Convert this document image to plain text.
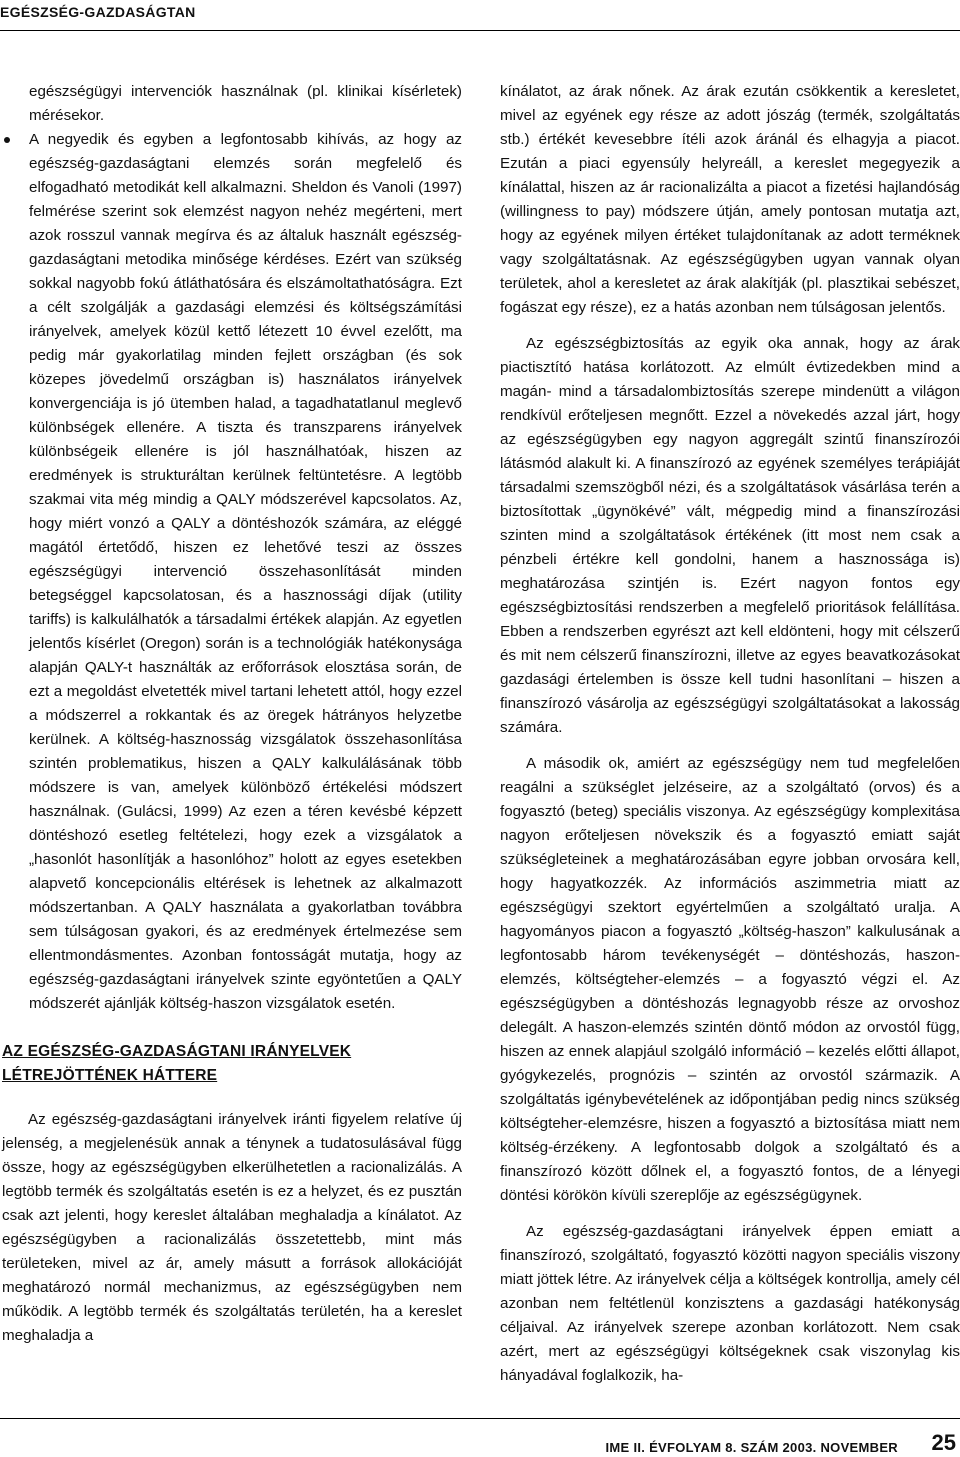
EGÉSZSÉG-GAZDASÁGTAN

egészségügyi intervenciók használnak (pl. klinikai kísérletek) mérésekor.

A negyedik és egyben a legfontosabb kihívás, az hogy az egészség-gazdaságtani elemzés során megfelelő és elfogadható metodikát kell alkalmazni. Sheldon és Vanoli (1997) felmérése szerint sok elemzést nagyon nehéz megérteni, mert azok rosszul vannak megírva és az általuk használt egészség-gazdaságtani metodika minősége kérdéses. Ezért van szükség sokkal nagyobb fokú átláthatósára és elszámoltathatóságra. Ezt a célt szolgálják a gazdasági elemzési és költségszámítási irányelvek, amelyek közül kettő létezett 10 évvel ezelőtt, ma pedig már gyakorlatilag minden fejlett országban (és sok közepes jövedelmű országban is) használatos irányelvek konvergenciája is jó ütemben halad, a tagadhatatlanul meglevő különbségek ellenére. A tiszta és transzparens irányelvek különbségeik ellenére is jól használhatóak, hiszen az eredmények is strukturáltan kerülnek feltüntetésre. A legtöbb szakmai vita még mindig a QALY módszerével kapcsolatos. Az, hogy miért vonzó a QALY a döntéshozók számára, az eléggé magától értetődő, hiszen ez lehetővé teszi az összes egészségügyi intervenció összehasonlítását minden betegséggel kapcsolatosan, és a hasznossági díjak (utility tariffs) is kalkulálhatók a társadalmi értékek alapján. Az egyetlen jelentős kísérlet (Oregon) során is a technológiák hatékonysága alapján QALY-t használták az erőforrások elosztása során, de ezt a megoldást elvetették mivel tartani lehetett attól, hogy ezzel a módszerrel a rokkantak és az öregek hátrányos helyzetbe kerülnek. A költség-hasznosság vizsgálatok összehasonlítása szintén problematikus, hiszen a QALY kalkulálásának több módszere is van, amelyek különböző értékelési módszert használnak. (Gulácsi, 1999) Az ezen a téren kevésbé képzett döntéshozó esetleg feltételezi, hogy ezek a vizsgálatok a „hasonlót hasonlítják a hasonlóhoz” holott az egyes esetekben alapvető koncepcionális eltérések is lehetnek az alkalmazott módszertanban. A QALY használata a gyakorlatban továbbra sem túlságosan gyakori, és az eredmények értelmezése sem ellentmondásmentes. Azonban fontosságát mutatja, hogy az egészség-gazdaságtani irányelvek szinte egyöntetűen a QALY módszerét ajánlják költség-haszon vizsgálatok esetén.
AZ EGÉSZSÉG-GAZDASÁGTANI IRÁNYELVEK
LÉTREJÖTTÉNEK HÁTTERE

Az egészség-gazdaságtani irányelvek iránti figyelem relatíve új jelenség, a megjelenésük annak a ténynek a tudatosulásával függ össze, hogy az egészségügyben elkerülhetetlen a racionalizálás. A legtöbb termék és szolgáltatás esetén is ez a helyzet, és ez pusztán csak azt jelenti, hogy kereslet általában meghaladja a kínálatot. Az egészségügyben a racionalizálás összetettebb, mint más területeken, mivel az ár, amely másutt a források allokációját meghatározó normál mechanizmus, az egészségügyben nem működik. A legtöbb termék és szolgáltatás területén, ha a kereslet meghaladja a

kínálatot, az árak nőnek. Az árak ezután csökkentik a keresletet, mivel az egyének egy része az adott jószág (termék, szolgáltatás stb.) értékét kevesebbre ítéli azok áránál és elhagyja a piacot. Ezután a piaci egyensúly helyreáll, a kereslet megegyezik a kínálattal, hiszen az ár racionalizálta a piacot a fizetési hajlandóság (willingness to pay) módszere útján, amely pontosan mutatja azt, hogy az egyének milyen értéket tulajdonítanak az adott terméknek vagy szolgáltatásnak. Az egészségügyben ugyan vannak olyan területek, ahol a keresletet az árak alakítják (pl. plasztikai sebészet, fogászat egy része), ez a hatás azonban nem túlságosan jelentős.

Az egészségbiztosítás az egyik oka annak, hogy az árak piactisztító hatása korlátozott. Az elmúlt évtizedekben mind a magán- mind a társadalombiztosítás szerepe mindenütt a világon rendkívül erőteljesen megnőtt. Ezzel a növekedés azzal járt, hogy az egészségügyben egy nagyon aggregált szintű finanszírozói látásmód alakult ki. A finanszírozó az egyének személyes terápiáját társadalmi szemszögből nézi, és a szolgáltatások vásárlása terén a biztosítottak „ügynökévé” vált, mégpedig mind a finanszírozási szinten mind a szolgáltatások értékének (itt most nem csak a pénzbeli értékre kell gondolni, hanem a hasznossága is) meghatározása szintjén is. Ezért nagyon fontos egy egészségbiztosítási rendszerben a megfelelő prioritások felállítása. Ebben a rendszerben egyrészt azt kell eldönteni, hogy mit célszerű és mit nem célszerű finanszírozni, illetve az egyes beavatkozásokat gazdasági értelemben is össze kell tudni hasonlítani – hiszen a finanszírozó vásárolja az egészségügyi szolgáltatásokat a lakosság számára.

A második ok, amiért az egészségügy nem tud megfelelően reagálni a szükséglet jelzéseire, az a szolgáltató (orvos) és a fogyasztó (beteg) speciális viszonya. Az egészségügy komplexitása nagyon erőteljesen növekszik és a fogyasztó emiatt saját szükségleteinek a meghatározásában egyre jobban orvosára kell, hogy hagyatkozzék. Az információs aszimmetria miatt az egészségügyi szektort egyértelműen a szolgáltató uralja. A hagyományos piacon a fogyasztó „költség-haszon” kalkulusának a legfontosabb három tevékenységét – döntéshozás, haszon-elemzés, költségteher-elemzés – a fogyasztó végzi el. Az egészségügyben a döntéshozás legnagyobb része az orvoshoz delegált. A haszon-elemzés szintén döntő módon az orvostól függ, hiszen az ennek alapjául szolgáló információ – kezelés előtti állapot, gyógykezelés, prognózis – szintén az orvostól származik. A szolgáltatás igénybevételének az időpontjában pedig nincs szükség költségteher-elemzésre, hiszen a fogyasztó a biztosítása miatt nem költség-érzékeny. A legfontosabb dolgok a szolgáltató és a finanszírozó között dőlnek el, a fogyasztó fontos, de a lényegi döntési körökön kívüli szereplője az egészségügynek.

Az egészség-gazdaságtani irányelvek éppen emiatt a finanszírozó, szolgáltató, fogyasztó közötti nagyon speciális viszony miatt jöttek létre. Az irányelvek célja a költségek kontrollja, amely cél azonban nem feltétlenül konzisztens a gazdasági hatékonyság céljaival. Az irányelvek szerepe azonban korlátozott. Nem csak azért, mert az egészségügyi költségeknek csak viszonylag kis hányadával foglalkozik, ha-

IME II. ÉVFOLYAM 8. SZÁM 2003. NOVEMBER 25
